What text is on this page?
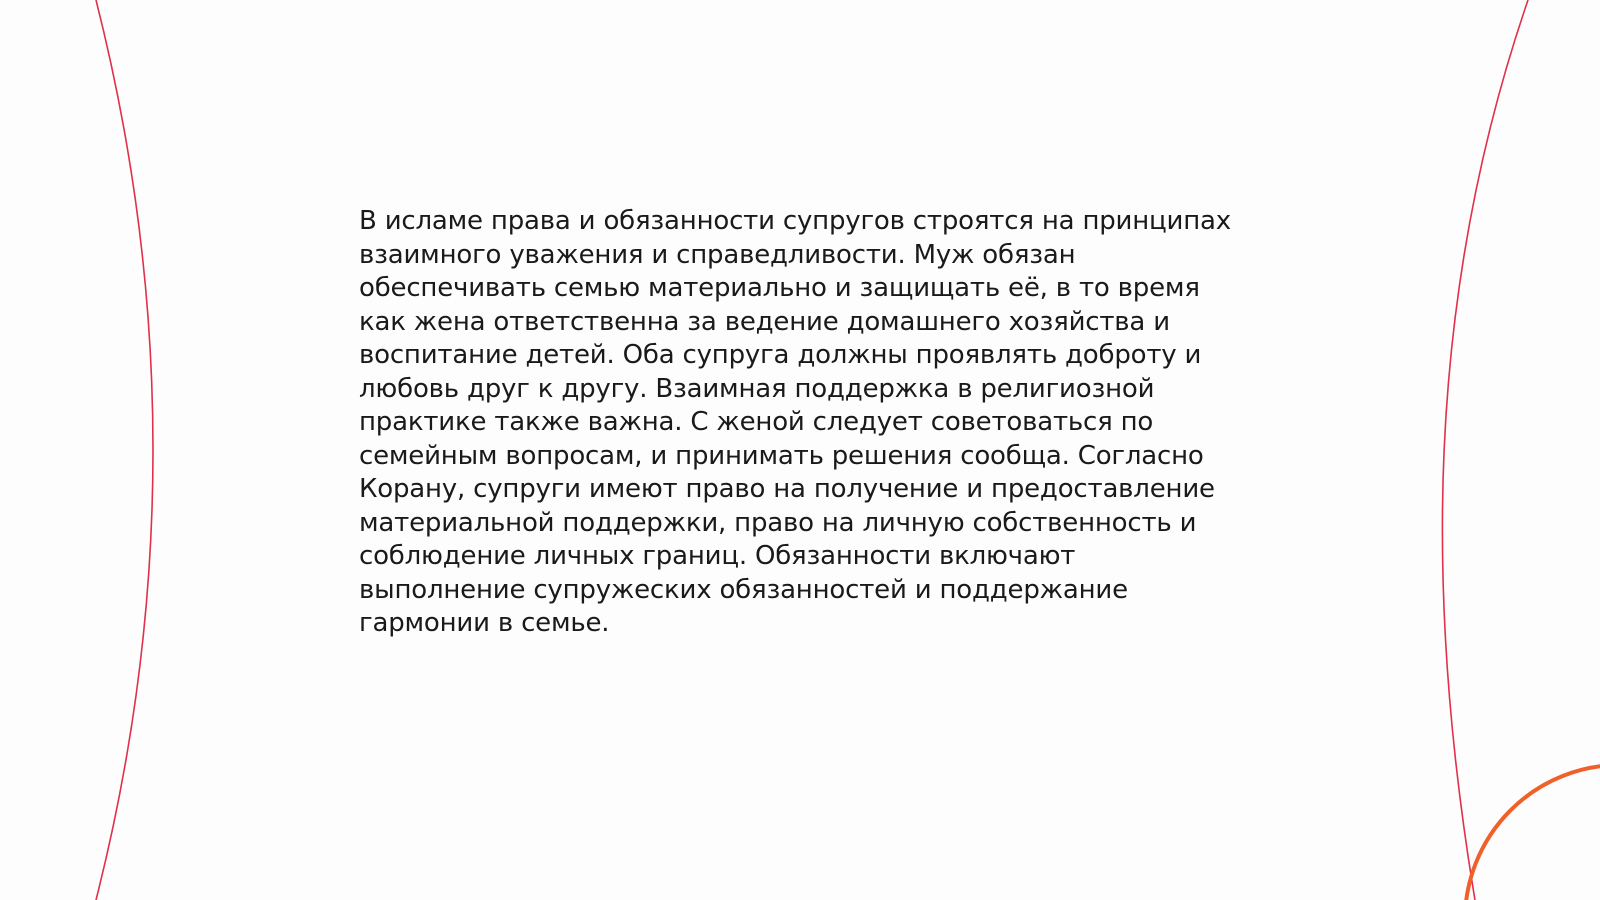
В исламе права и обязанности супругов строятся на принципах
взаимного уважения и справедливости. Муж обязан
обеспечивать семью материально и защищать её, в то время
как жена ответственна за ведение домашнего хозяйства и
воспитание детей. Оба супруга должны проявлять доброту и
любовь друг к другу. Взаимная поддержка в религиозной
практике также важна. С женой следует советоваться по
семейным вопросам, и принимать решения сообща. Согласно
Корану, супруги имеют право на получение и предоставление
материальной поддержки, право на личную собственность и
соблюдение личных границ. Обязанности включают
выполнение супружеских обязанностей и поддержание
гармонии в семье.
